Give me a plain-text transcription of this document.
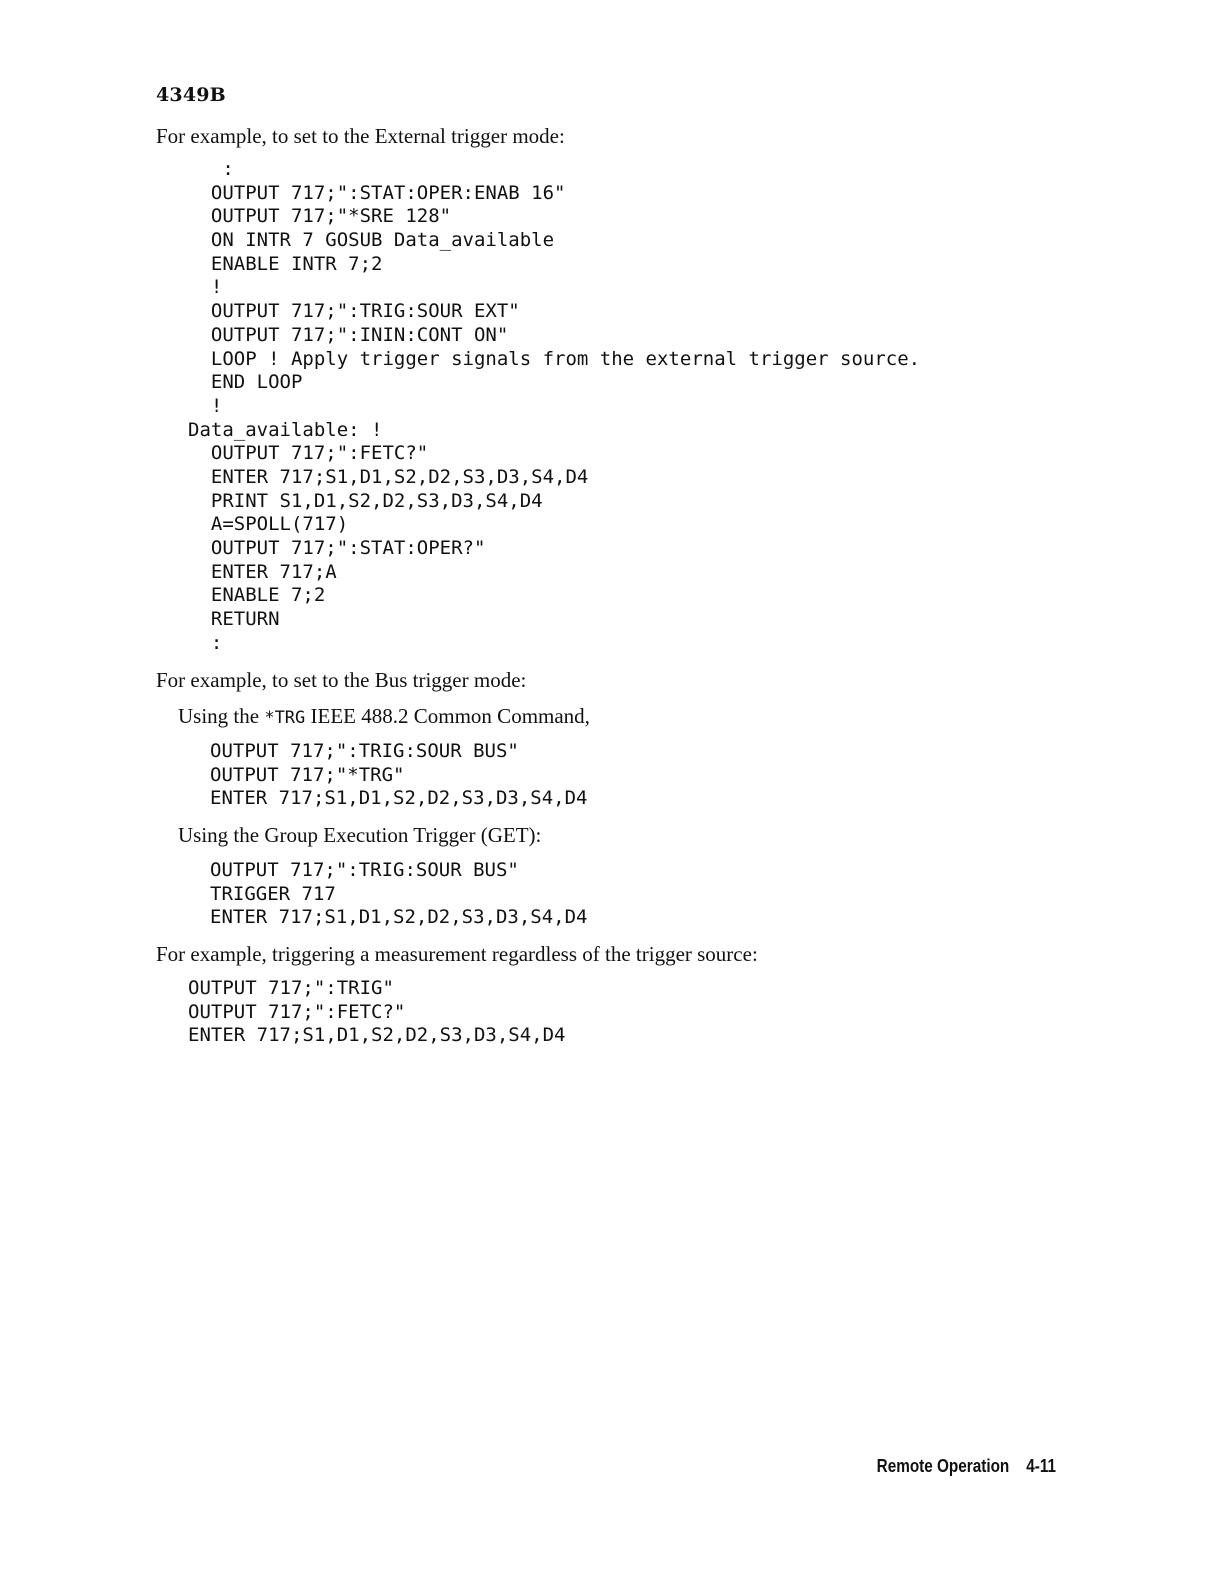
4349B
For example, to set to the External trigger mode:
:
OUTPUT 717;":STAT:OPER:ENAB 16"
OUTPUT 717;"*SRE 128"
ON INTR 7 GOSUB Data_available
ENABLE INTR 7;2
!
OUTPUT 717;":TRIG:SOUR EXT"
OUTPUT 717;":ININ:CONT ON"
LOOP ! Apply trigger signals from the external trigger source.
END LOOP
!
Data_available: !
OUTPUT 717;":FETC?"
ENTER 717;S1,D1,S2,D2,S3,D3,S4,D4
PRINT S1,D1,S2,D2,S3,D3,S4,D4
A=SPOLL(717)
OUTPUT 717;":STAT:OPER?"
ENTER 717;A
ENABLE 7;2
RETURN
:
For example, to set to the Bus trigger mode:
Using the *TRG IEEE 488.2 Common Command,
OUTPUT 717;":TRIG:SOUR BUS"
OUTPUT 717;"*TRG"
ENTER 717;S1,D1,S2,D2,S3,D3,S4,D4
Using the Group Execution Trigger (GET):
OUTPUT 717;":TRIG:SOUR BUS"
TRIGGER 717
ENTER 717;S1,D1,S2,D2,S3,D3,S4,D4
For example, triggering a measurement regardless of the trigger source:
OUTPUT 717;":TRIG"
OUTPUT 717;":FETC?"
ENTER 717;S1,D1,S2,D2,S3,D3,S4,D4
Remote Operation 4-11
